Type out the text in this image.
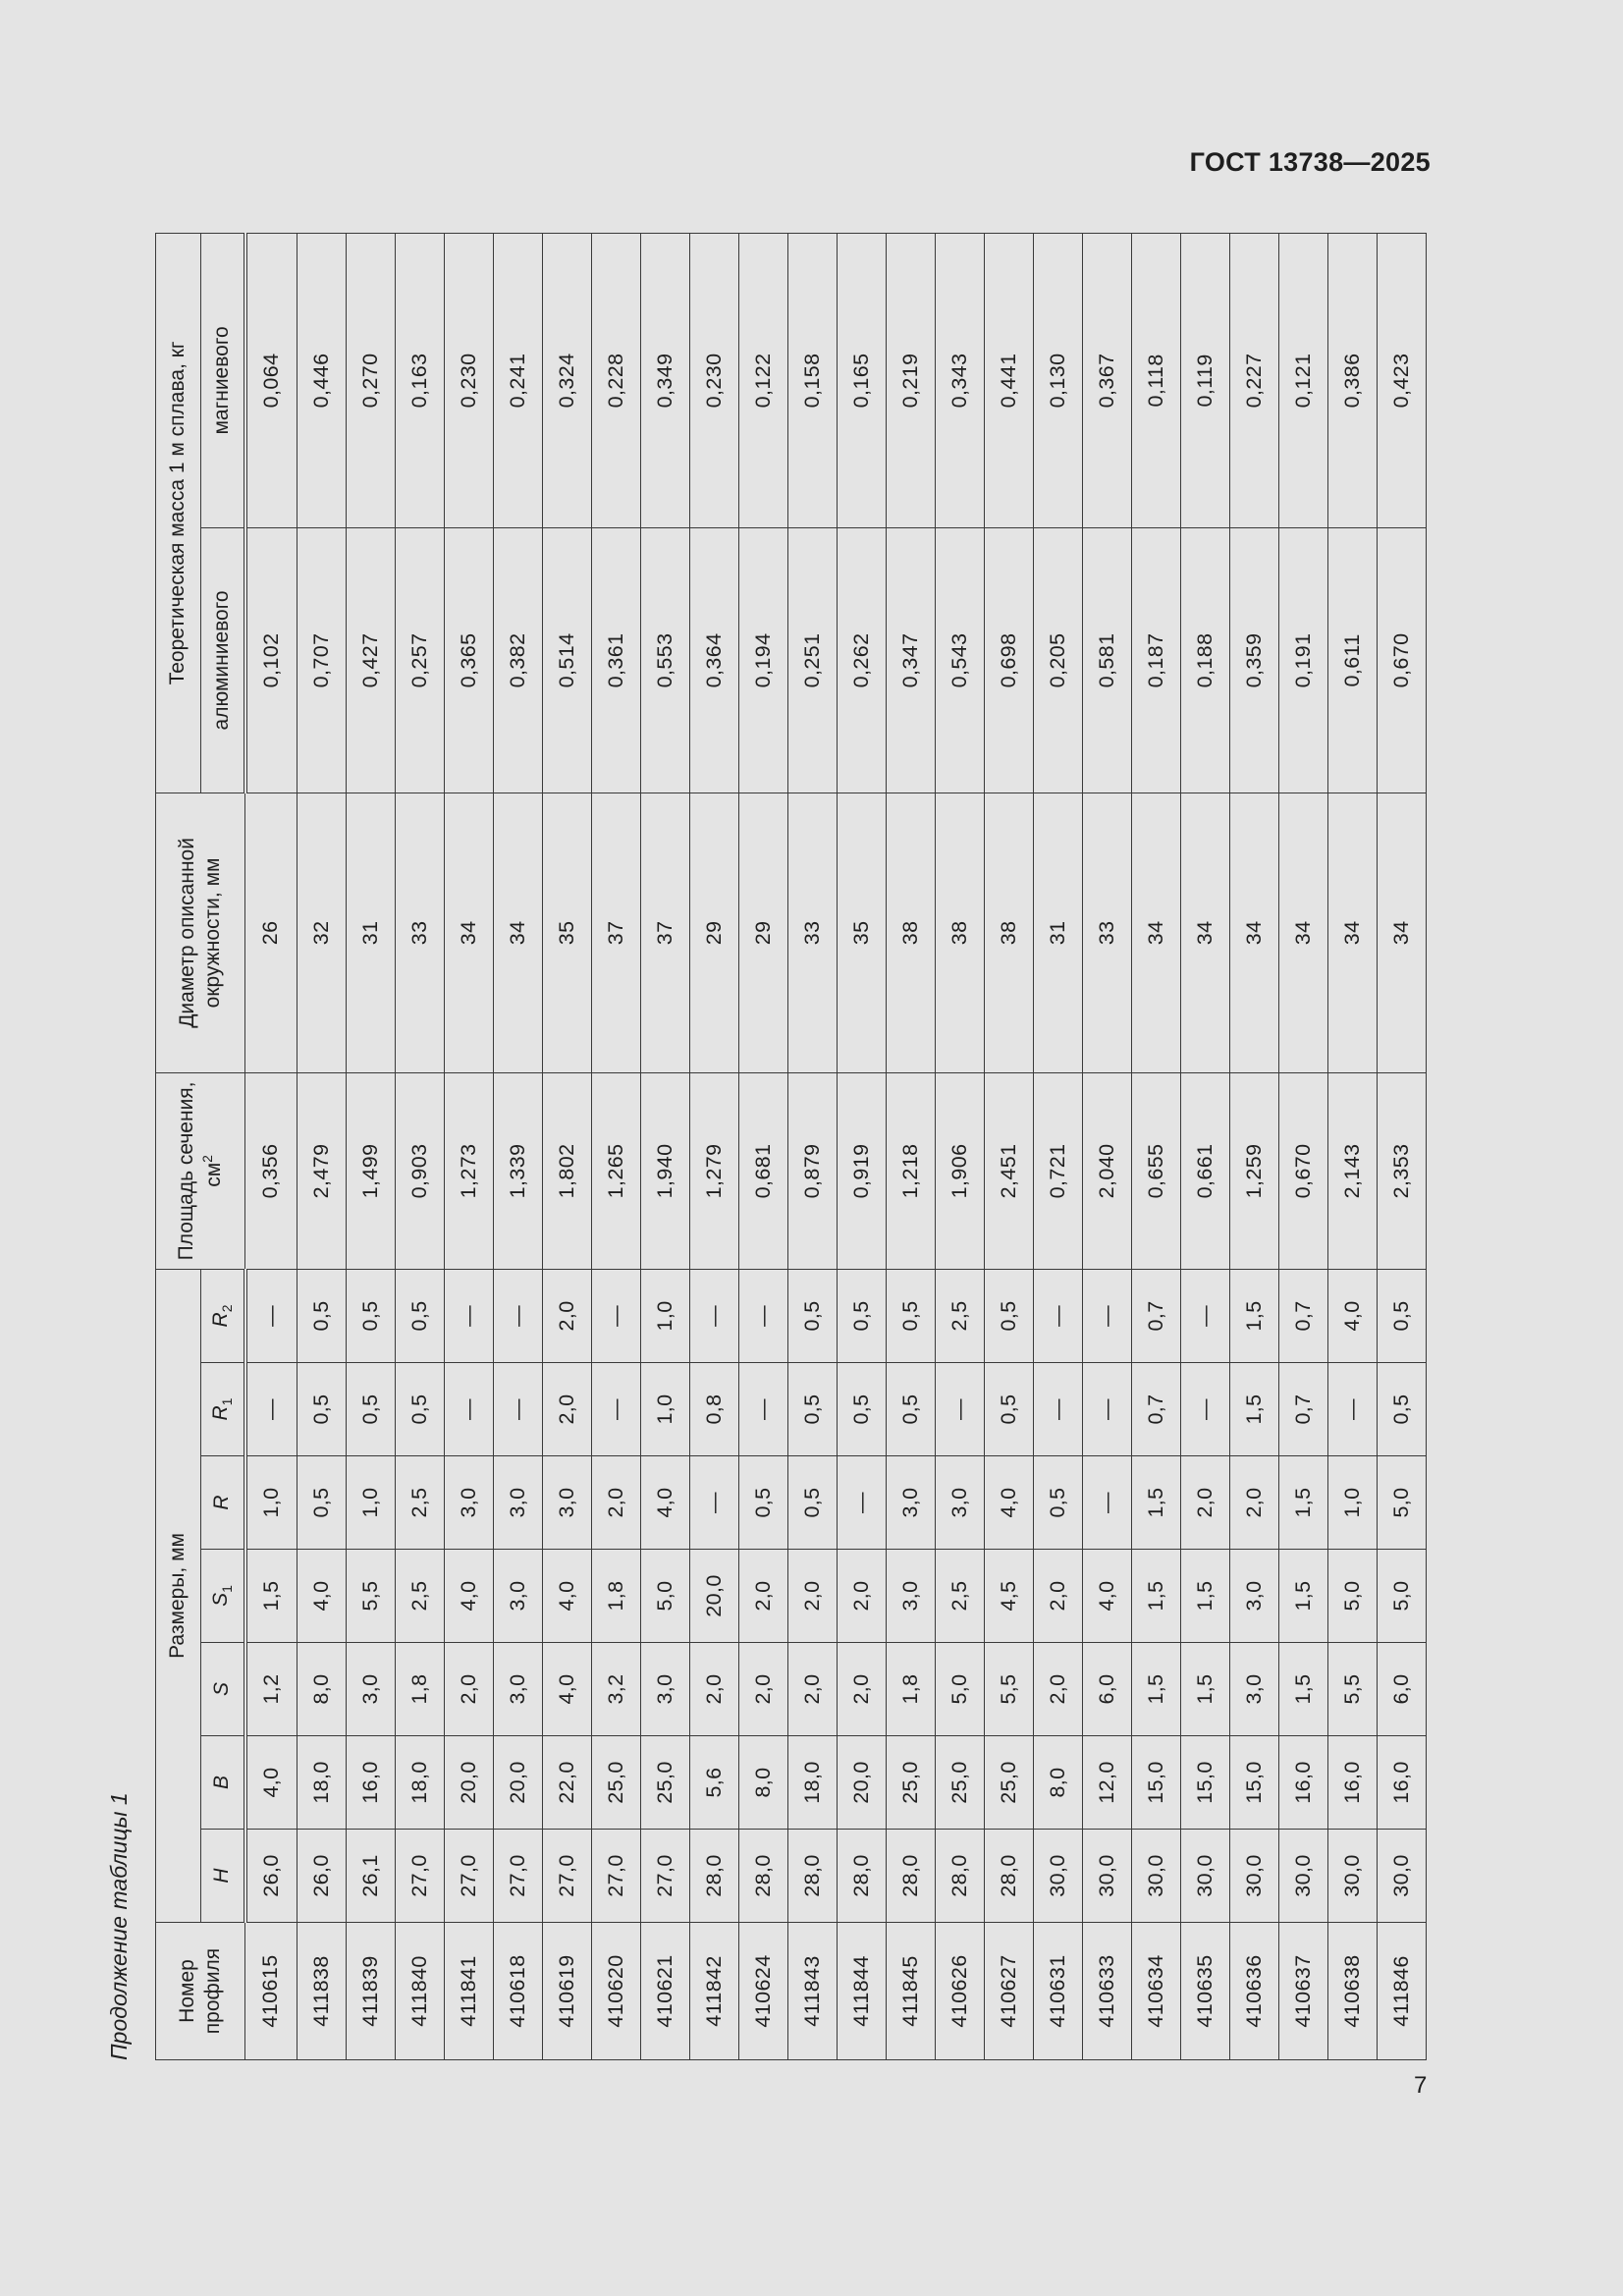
ГОСТ 13738—2025
Продолжение таблицы 1 Номер профиля	Размеры, мм							Площадь сечения, $см^2$	Диаметр описанной окружности, мм	Теоретическая масса 1 м сплава, кг	
	H	B	S	$S_1$	R	$R_1$	$R_2$			алюминиевого	магниевого
410615	26,0	4,0	1,2	1,5	1,0	—	—	0,356	26	0,102	0,064
411838	26,0	18,0	8,0	4,0	0,5	0,5	0,5	2,479	32	0,707	0,446
411839	26,1	16,0	3,0	5,5	1,0	0,5	0,5	1,499	31	0,427	0,270
411840	27,0	18,0	1,8	2,5	2,5	0,5	0,5	0,903	33	0,257	0,163
411841	27,0	20,0	2,0	4,0	3,0	—	—	1,273	34	0,365	0,230
410618	27,0	20,0	3,0	3,0	3,0	—	—	1,339	34	0,382	0,241
410619	27,0	22,0	4,0	4,0	3,0	2,0	2,0	1,802	35	0,514	0,324
410620	27,0	25,0	3,2	1,8	2,0	—	—	1,265	37	0,361	0,228
410621	27,0	25,0	3,0	5,0	4,0	1,0	1,0	1,940	37	0,553	0,349
411842	28,0	5,6	2,0	20,0	—	0,8	—	1,279	29	0,364	0,230
410624	28,0	8,0	2,0	2,0	0,5	—	—	0,681	29	0,194	0,122
411843	28,0	18,0	2,0	2,0	0,5	0,5	0,5	0,879	33	0,251	0,158
411844	28,0	20,0	2,0	2,0	—	0,5	0,5	0,919	35	0,262	0,165
411845	28,0	25,0	1,8	3,0	3,0	0,5	0,5	1,218	38	0,347	0,219
410626	28,0	25,0	5,0	2,5	3,0	—	2,5	1,906	38	0,543	0,343
410627	28,0	25,0	5,5	4,5	4,0	0,5	0,5	2,451	38	0,698	0,441
410631	30,0	8,0	2,0	2,0	0,5	—	—	0,721	31	0,205	0,130
410633	30,0	12,0	6,0	4,0	—	—	—	2,040	33	0,581	0,367
410634	30,0	15,0	1,5	1,5	1,5	0,7	0,7	0,655	34	0,187	0,118
410635	30,0	15,0	1,5	1,5	2,0	—	—	0,661	34	0,188	0,119
410636	30,0	15,0	3,0	3,0	2,0	1,5	1,5	1,259	34	0,359	0,227
410637	30,0	16,0	1,5	1,5	1,5	0,7	0,7	0,670	34	0,191	0,121
410638	30,0	16,0	5,5	5,0	1,0	—	4,0	2,143	34	0,611	0,386
411846	30,0	16,0	6,0	5,0	5,0	0,5	0,5	2,353	34	0,670	0,423
7
